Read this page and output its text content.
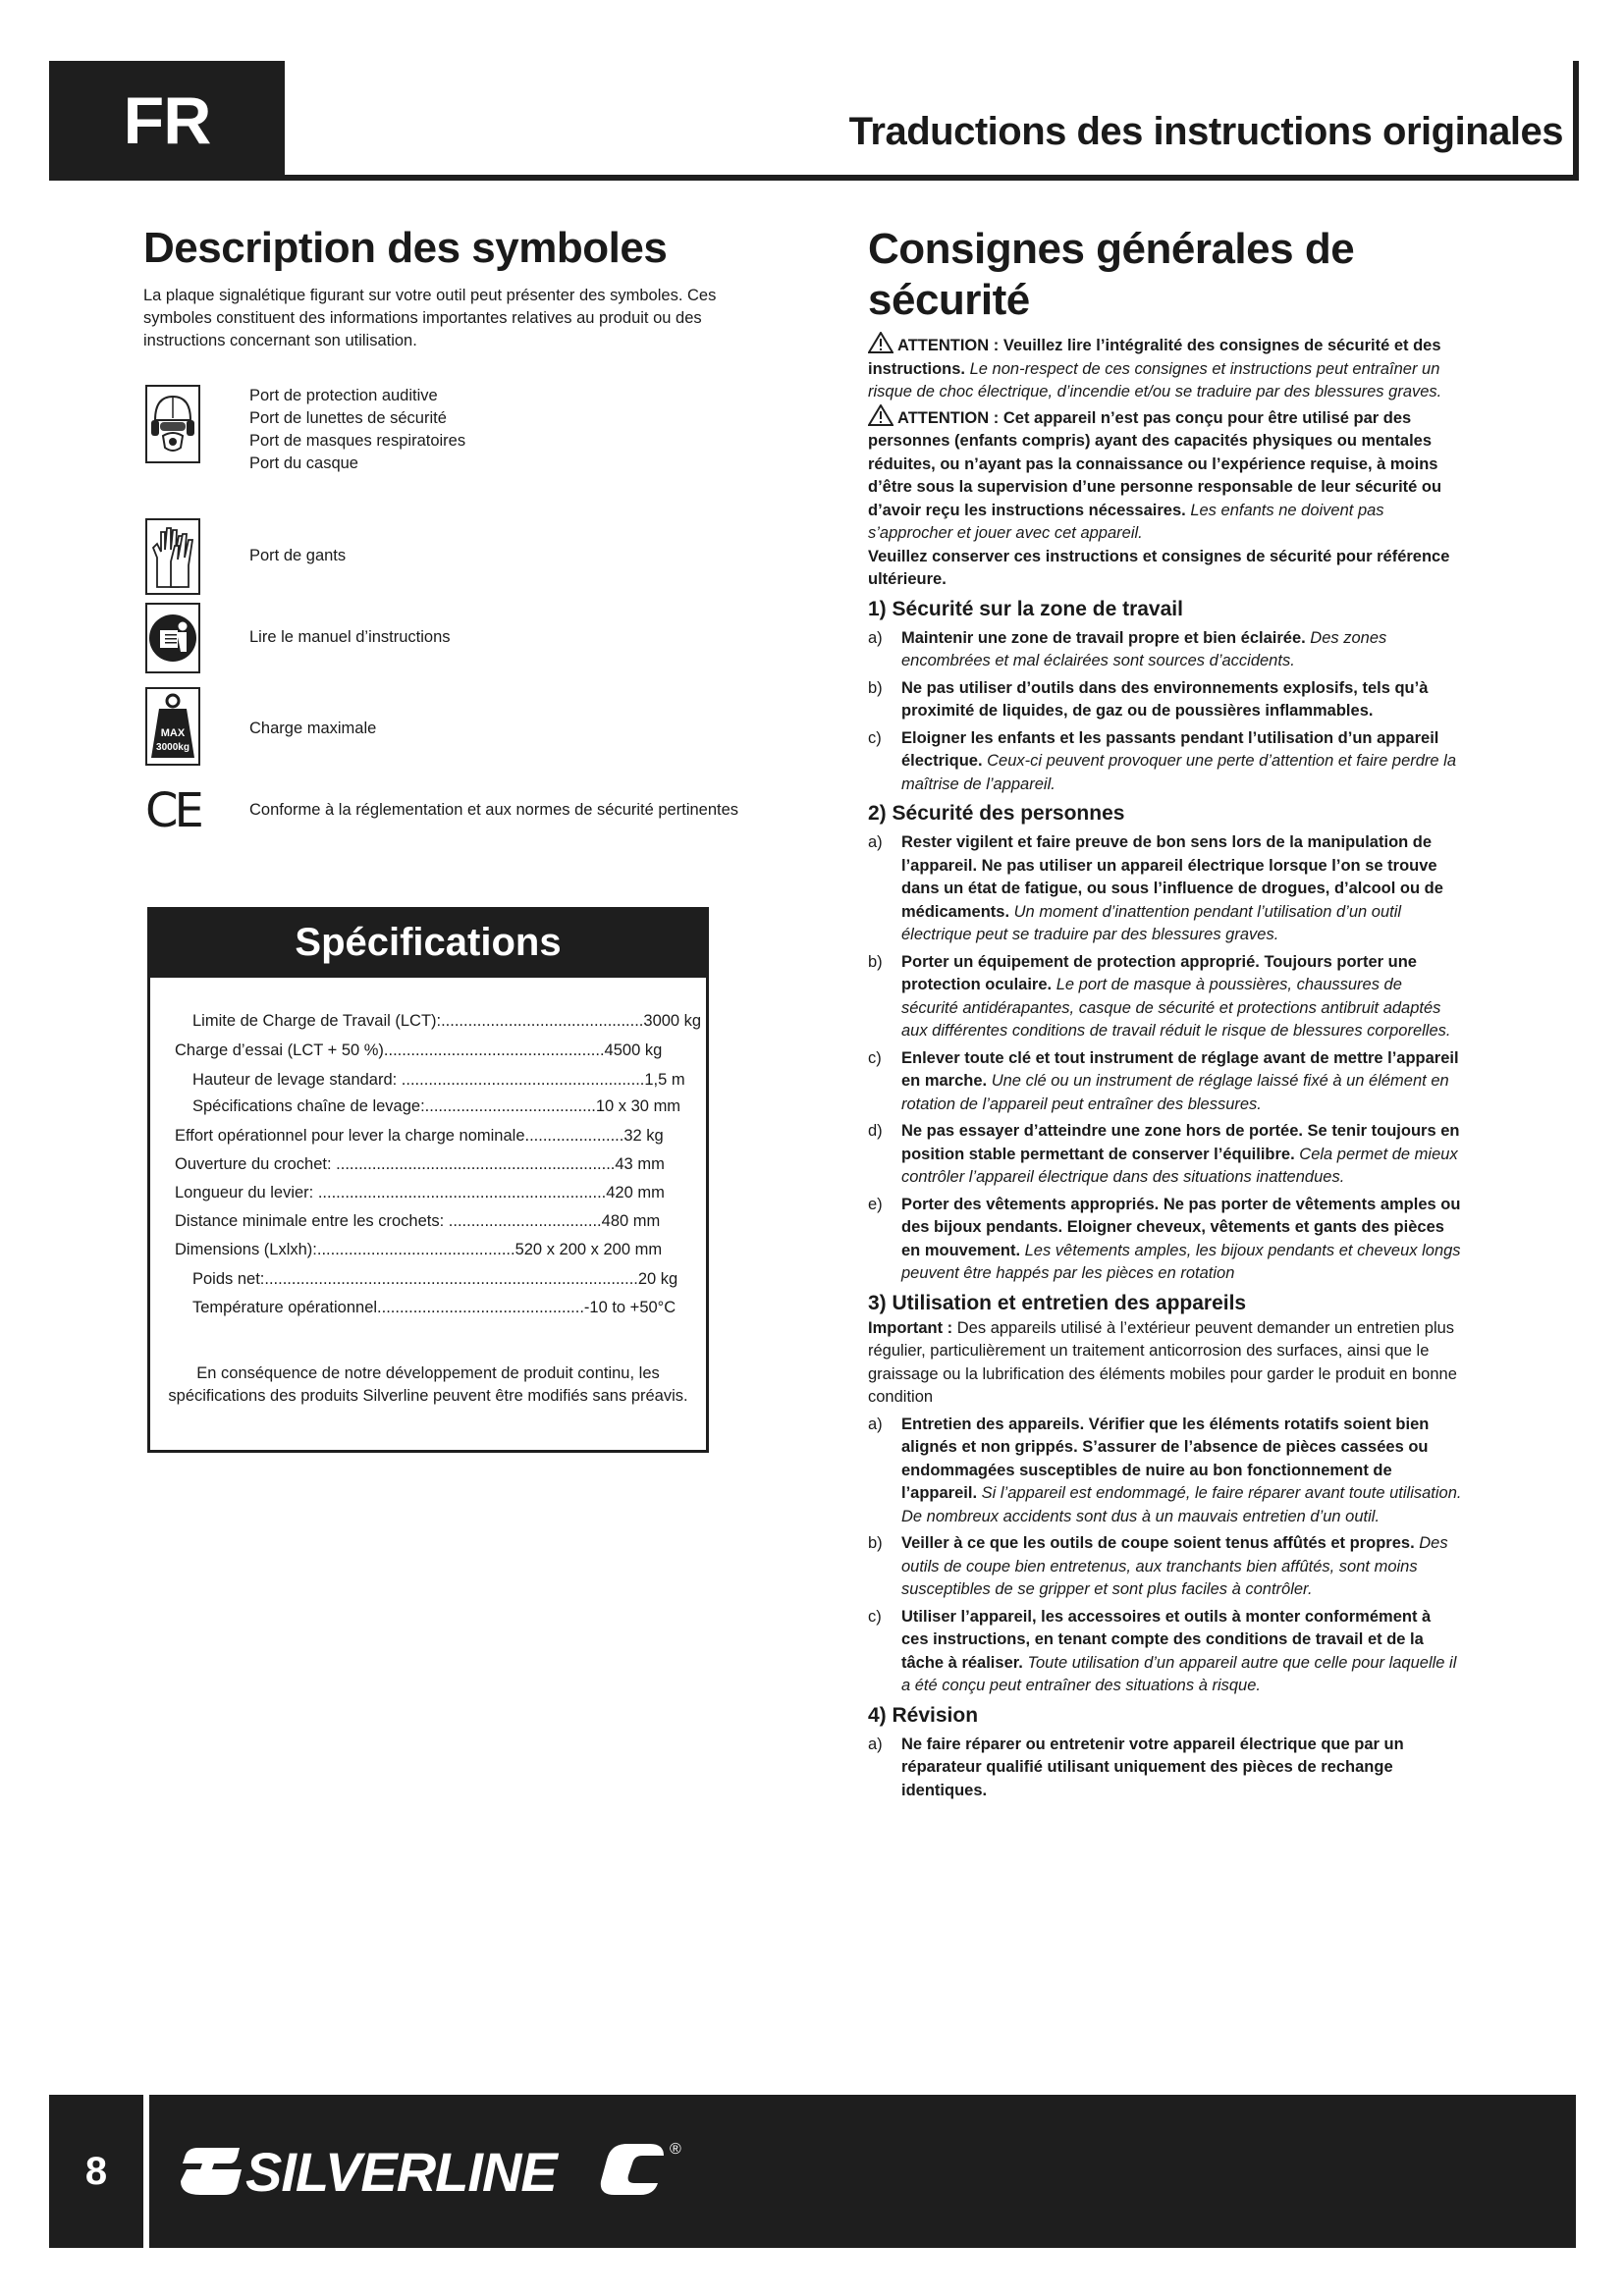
FR	Traductions des instructions originales
Description des symboles
La plaque signalétique figurant sur votre outil peut présenter des symboles. Ces symboles constituent des informations importantes relatives au produit ou des instructions concernant son utilisation.
Port de protection auditive
Port de lunettes de sécurité
Port de masques respiratoires
Port du casque
Port de gants
Lire le manuel d’instructions
MAX
3000kg
Charge maximale
CE	Conforme à la réglementation et aux normes de sécurité pertinentes
Spécifications
Limite de Charge de Travail (LCT):.............................................3000 kg
Charge d’essai (LCT + 50 %).................................................4500 kg
Hauteur de levage standard: ......................................................1,5 m
Spécifications chaîne de levage:......................................10 x 30 mm
Effort opérationnel pour lever la charge nominale......................32 kg
Ouverture du crochet: ..............................................................43 mm
Longueur du levier: ................................................................420 mm
Distance minimale entre les crochets: ..................................480 mm
Dimensions (Lxlxh):............................................520 x 200 x 200 mm
Poids net:...................................................................................20 kg
Température opérationnel..............................................-10 to +50°C
En conséquence de notre développement de produit continu, les spécifications des produits Silverline peuvent être modifiés sans préavis.
Consignes générales de sécurité

ATTENTION : Veuillez lire l’intégralité des consignes de sécurité et des instructions. Le non-respect de ces consignes et instructions peut entraîner un risque de choc électrique, d’incendie et/ou se traduire par des blessures graves.

ATTENTION : Cet appareil n’est pas conçu pour être utilisé par des personnes (enfants compris) ayant des capacités physiques ou mentales réduites, ou n’ayant pas la connaissance ou l’expérience requise, à moins d’être sous la supervision d’une personne responsable de leur sécurité ou d’avoir reçu les instructions nécessaires. Les enfants ne doivent pas s’approcher et jouer avec cet appareil.

Veuillez conserver ces instructions et consignes de sécurité pour référence ultérieure.

1) Sécurité sur la zone de travail
a)	Maintenir une zone de travail propre et bien éclairée. Des zones encombrées et mal éclairées sont sources d’accidents.
b)	Ne pas utiliser d’outils dans des environnements explosifs, tels qu’à proximité de liquides, de gaz ou de poussières inflammables.
c)	Eloigner les enfants et les passants pendant l’utilisation d’un appareil électrique. Ceux-ci peuvent provoquer une perte d’attention et faire perdre la maîtrise de l’appareil.
2) Sécurité des personnes
a)	Rester vigilent et faire preuve de bon sens lors de la manipulation de l’appareil. Ne pas utiliser un appareil électrique lorsque l’on se trouve dans un état de fatigue, ou sous l’influence de drogues, d’alcool ou de médicaments. Un moment d’inattention pendant l’utilisation d’un outil électrique peut se traduire par des blessures graves.
b)	Porter un équipement de protection approprié. Toujours porter une protection oculaire. Le port de masque à poussières, chaussures de sécurité antidérapantes, casque de sécurité et protections antibruit adaptés aux différentes conditions de travail réduit le risque de blessures corporelles.
c)	Enlever toute clé et tout instrument de réglage avant de mettre l’appareil en marche. Une clé ou un instrument de réglage laissé fixé à un élément en rotation de l’appareil peut entraîner des blessures.
d)	Ne pas essayer d’atteindre une zone hors de portée. Se tenir toujours en position stable permettant de conserver l’équilibre. Cela permet de mieux contrôler l’appareil électrique dans des situations inattendues.
e)	Porter des vêtements appropriés. Ne pas porter de vêtements amples ou des bijoux pendants. Eloigner cheveux, vêtements et gants des pièces en mouvement. Les vêtements amples, les bijoux pendants et cheveux longs peuvent être happés par les pièces en rotation
3) Utilisation et entretien des appareils

Important : Des appareils utilisé à l’extérieur peuvent demander un entretien plus régulier, particulièrement un traitement anticorrosion des surfaces, ainsi que le graissage ou la lubrification des éléments mobiles pour garder le produit en bonne condition

a)	Entretien des appareils. Vérifier que les éléments rotatifs soient bien alignés et non grippés. S’assurer de l’absence de pièces cassées ou endommagées susceptibles de nuire au bon fonctionnement de l’appareil. Si l’appareil est endommagé, le faire réparer avant toute utilisation. De nombreux accidents sont dus à un mauvais entretien d’un outil.
b)	Veiller à ce que les outils de coupe soient tenus affûtés et propres. Des outils de coupe bien entretenus, aux tranchants bien affûtés, sont moins susceptibles de se gripper et sont plus faciles à contrôler.
c)	Utiliser l’appareil, les accessoires et outils à monter conformément à ces instructions, en tenant compte des conditions de travail et de la tâche à réaliser. Toute utilisation d’un appareil autre que celle pour laquelle il a été conçu peut entraîner des situations à risque.
4) Révision
a)	Ne faire réparer ou entretenir votre appareil électrique que par un réparateur qualifié utilisant uniquement des pièces de rechange identiques.
8	SILVERLINE	®
